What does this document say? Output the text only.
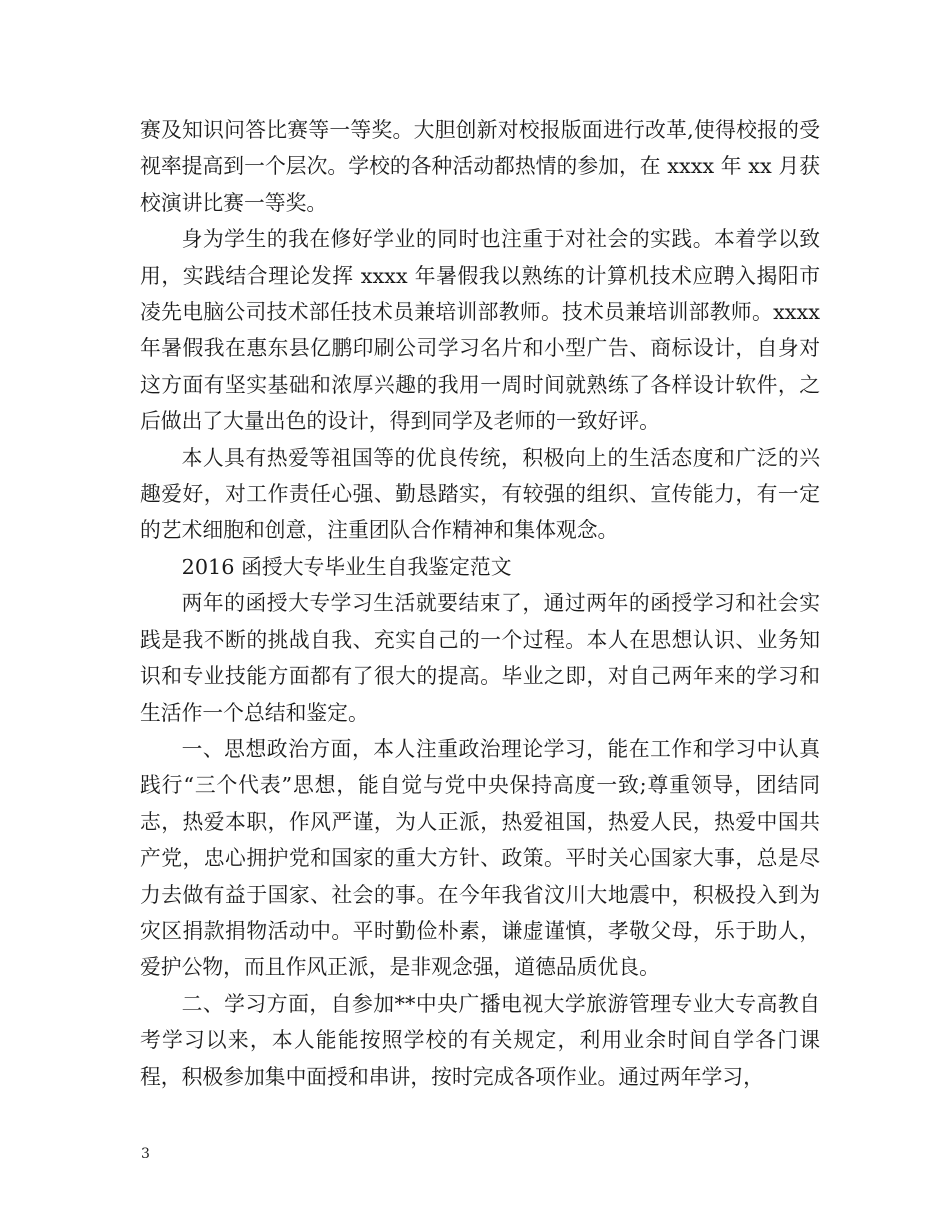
赛及知识问答比赛等一等奖。大胆创新对校报版面进行改革,使得校报的受视率提高到一个层次。学校的各种活动都热情的参加，在 xxxx 年 xx 月获校演讲比赛一等奖。

身为学生的我在修好学业的同时也注重于对社会的实践。本着学以致用，实践结合理论发挥 xxxx 年暑假我以熟练的计算机技术应聘入揭阳市凌先电脑公司技术部任技术员兼培训部教师。技术员兼培训部教师。xxxx 年暑假我在惠东县亿鹏印刷公司学习名片和小型广告、商标设计，自身对这方面有坚实基础和浓厚兴趣的我用一周时间就熟练了各样设计软件，之后做出了大量出色的设计，得到同学及老师的一致好评。

本人具有热爱等祖国等的优良传统，积极向上的生活态度和广泛的兴趣爱好，对工作责任心强、勤恳踏实，有较强的组织、宣传能力，有一定的艺术细胞和创意，注重团队合作精神和集体观念。

2016 函授大专毕业生自我鉴定范文

两年的函授大专学习生活就要结束了，通过两年的函授学习和社会实践是我不断的挑战自我、充实自己的一个过程。本人在思想认识、业务知识和专业技能方面都有了很大的提高。毕业之即，对自己两年来的学习和生活作一个总结和鉴定。

一、思想政治方面，本人注重政治理论学习，能在工作和学习中认真践行“三个代表”思想，能自觉与党中央保持高度一致;尊重领导，团结同志，热爱本职，作风严谨，为人正派，热爱祖国，热爱人民，热爱中国共产党，忠心拥护党和国家的重大方针、政策。平时关心国家大事，总是尽力去做有益于国家、社会的事。在今年我省汶川大地震中，积极投入到为灾区捐款捐物活动中。平时勤俭朴素，谦虚谨慎，孝敬父母，乐于助人，爱护公物，而且作风正派，是非观念强，道德品质优良。

二、学习方面，自参加**中央广播电视大学旅游管理专业大专高教自考学习以来，本人能能按照学校的有关规定，利用业余时间自学各门课程，积极参加集中面授和串讲，按时完成各项作业。通过两年学习，

3
